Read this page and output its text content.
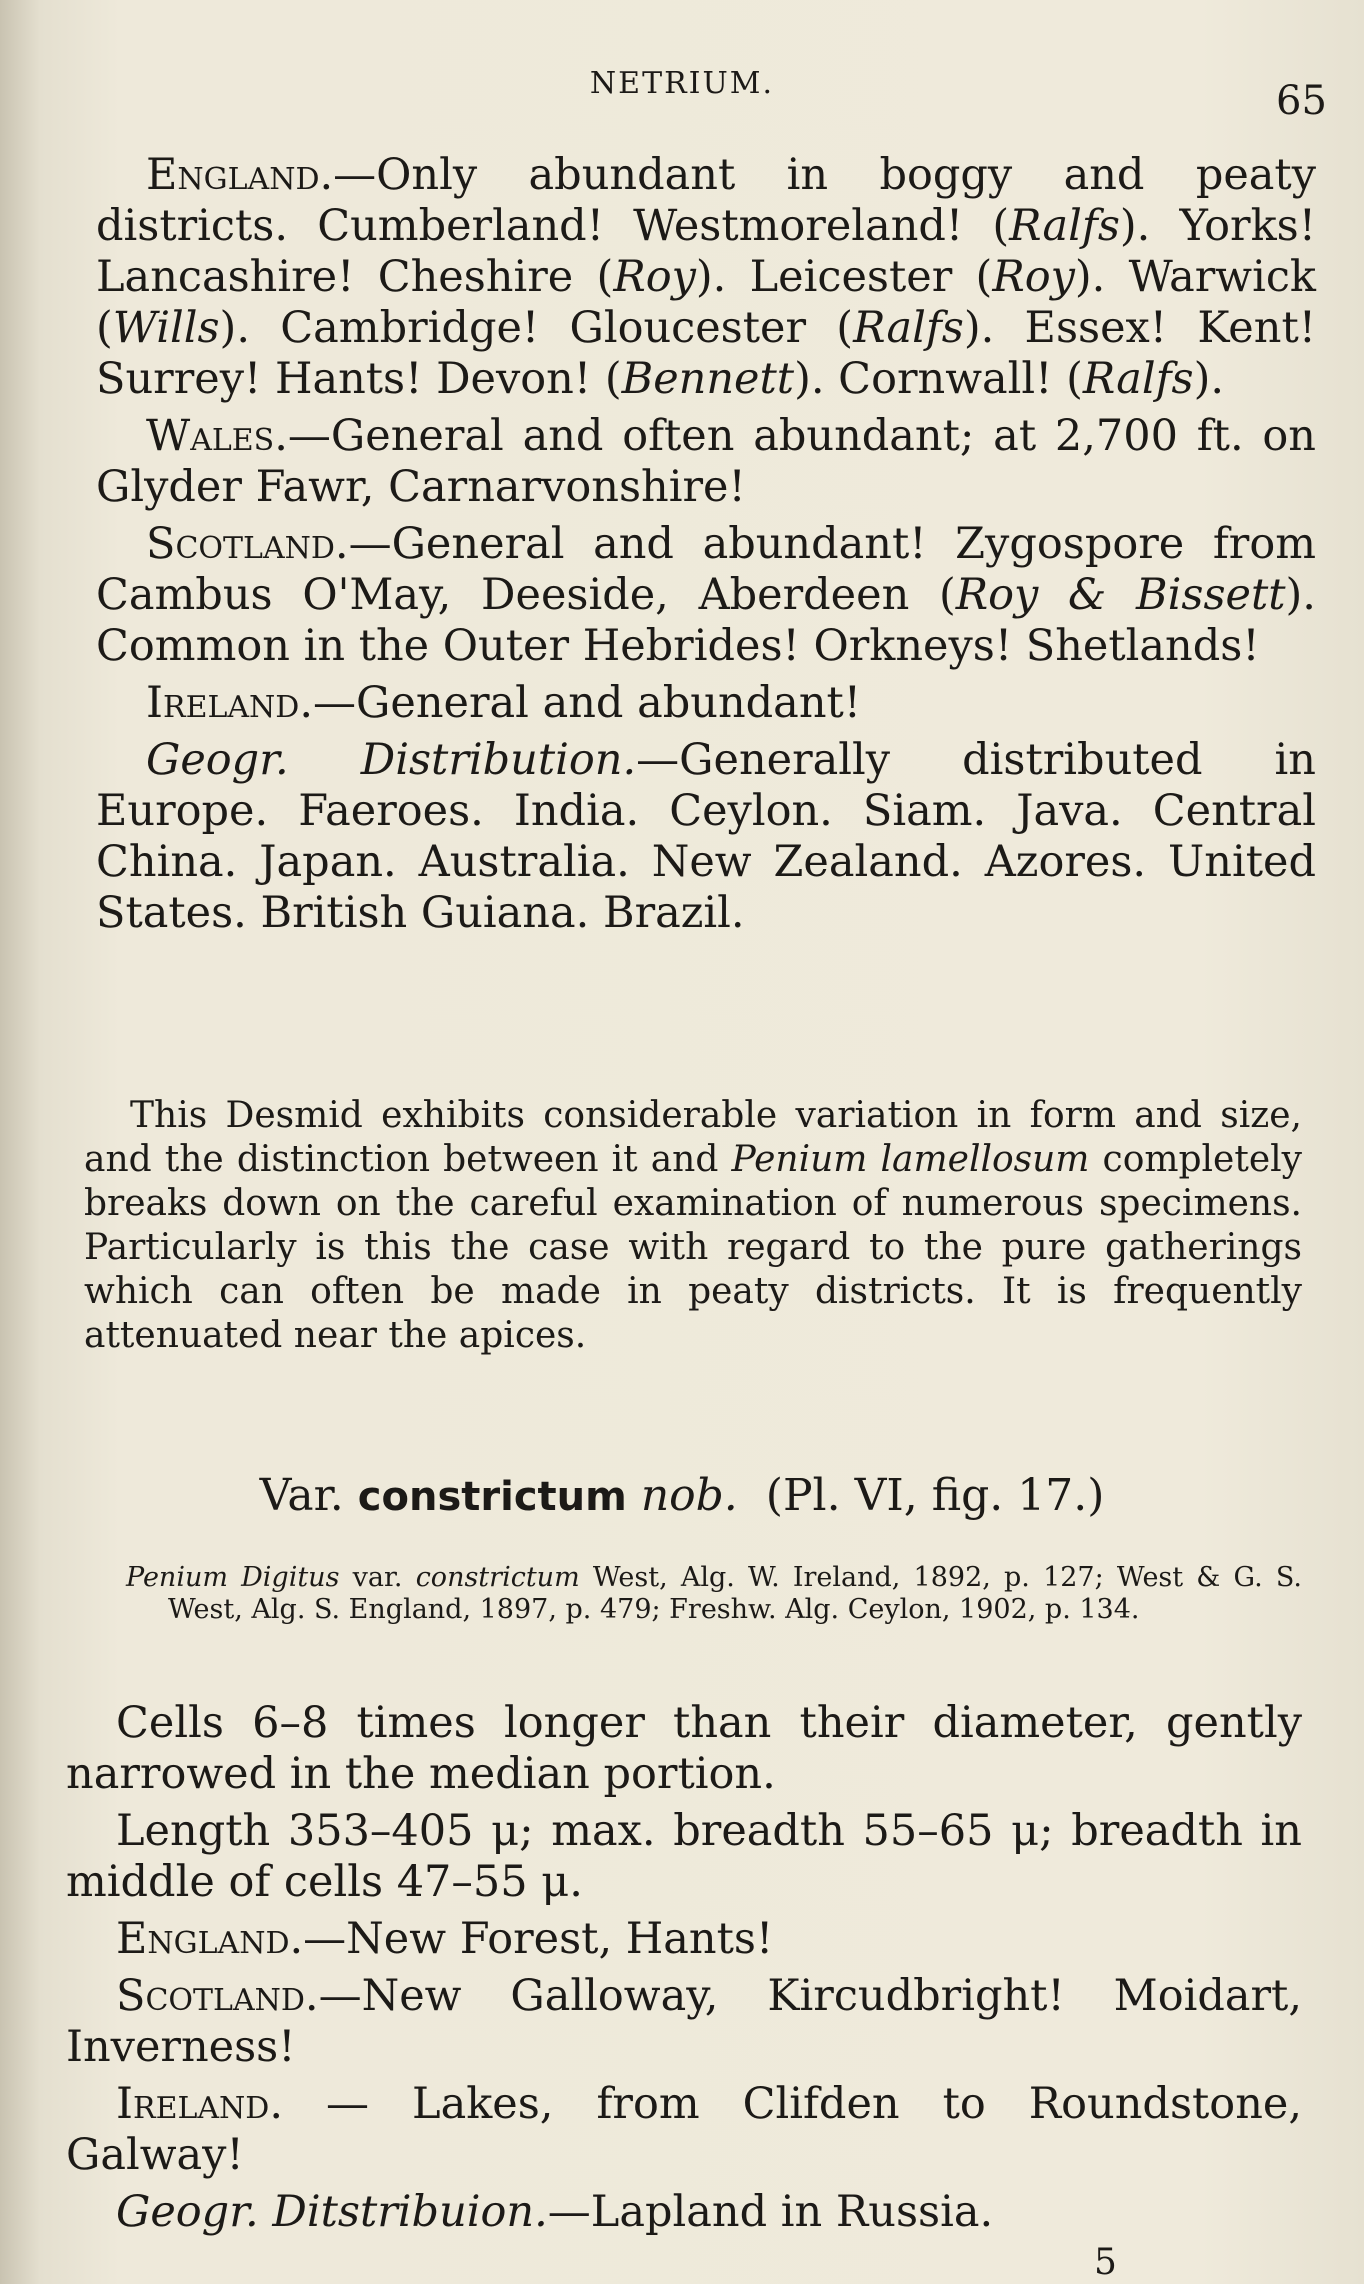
NETRIUM.	65

England.—Only abundant in boggy and peaty districts. Cumberland! Westmoreland! (Ralfs). Yorks! Lancashire! Cheshire (Roy). Leicester (Roy). Warwick (Wills). Cambridge! Gloucester (Ralfs). Essex! Kent! Surrey! Hants! Devon! (Bennett). Cornwall! (Ralfs).

Wales.—General and often abundant; at 2,700 ft. on Glyder Fawr, Carnarvonshire!

Scotland.—General and abundant! Zygospore from Cambus O'May, Deeside, Aberdeen (Roy & Bissett). Common in the Outer Hebrides! Orkneys! Shetlands!

Ireland.—General and abundant!

Geogr. Distribution.—Generally distributed in Europe. Faeroes. India. Ceylon. Siam. Java. Central China. Japan. Australia. New Zealand. Azores. United States. British Guiana. Brazil.

This Desmid exhibits considerable variation in form and size, and the distinction between it and Penium lamellosum completely breaks down on the careful examination of numerous specimens. Particularly is this the case with regard to the pure gatherings which can often be made in peaty districts. It is frequently attenuated near the apices.

Var. constrictum nob. (Pl. VI, fig. 17.)

Penium Digitus var. constrictum West, Alg. W. Ireland, 1892, p. 127; West & G. S. West, Alg. S. England, 1897, p. 479; Freshw. Alg. Ceylon, 1902, p. 134.

Cells 6–8 times longer than their diameter, gently narrowed in the median portion.

Length 353–405 μ; max. breadth 55–65 μ; breadth in middle of cells 47–55 μ.

England.—New Forest, Hants!

Scotland.—New Galloway, Kircudbright! Moidart, Inverness!

Ireland. — Lakes, from Clifden to Roundstone, Galway!

Geogr. Ditstribuion.—Lapland in Russia.

5
